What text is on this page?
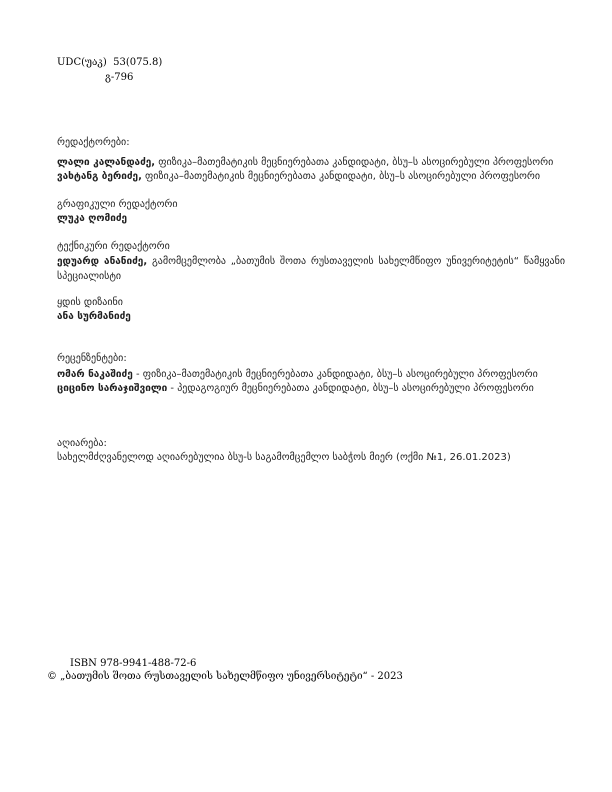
UDC(უაკ)  53(075.8)
გ-796
რედაქტორები:
ლალი კალანდაძე, ფიზიკა–მათემატიკის მეცნიერებათა კანდიდატი, ბსუ–ს ასოცირებული პროფესორი
ვახტანგ ბერიძე, ფიზიკა–მათემატიკის მეცნიერებათა კანდიდატი, ბსუ–ს ასოცირებული პროფესორი
გრაფიკული რედაქტორი
ლუკა ღომიძე
ტექნიკური რედაქტორი
ედუარდ ანანიძე, გამომცემლობა „ბათუმის შოთა რუსთაველის სახელმწიფო უნივერიტეტის“ წამყვანი სპეციალისტი
ყდის დიზაინი
ანა სურმანიძე
რეცენზენტები:
ომარ ნაკაშიძე - ფიზიკა–მათემატიკის მეცნიერებათა კანდიდატი, ბსუ–ს ასოცირებული პროფესორი
ციცინო სარაჯიშვილი - პედაგოგიურ მეცნიერებათა კანდიდატი, ბსუ–ს ასოცირებული პროფესორი
აღიარება:
სახელმძღვანელოდ აღიარებულია ბსუ-ს საგამომცემლო საბჭოს მიერ (ოქმი №1, 26.01.2023)
ISBN 978-9941-488-72-6
© „ბათუმის შოთა რუსთაველის სახელმწიფო უნივერსიტეტი“ - 2023
